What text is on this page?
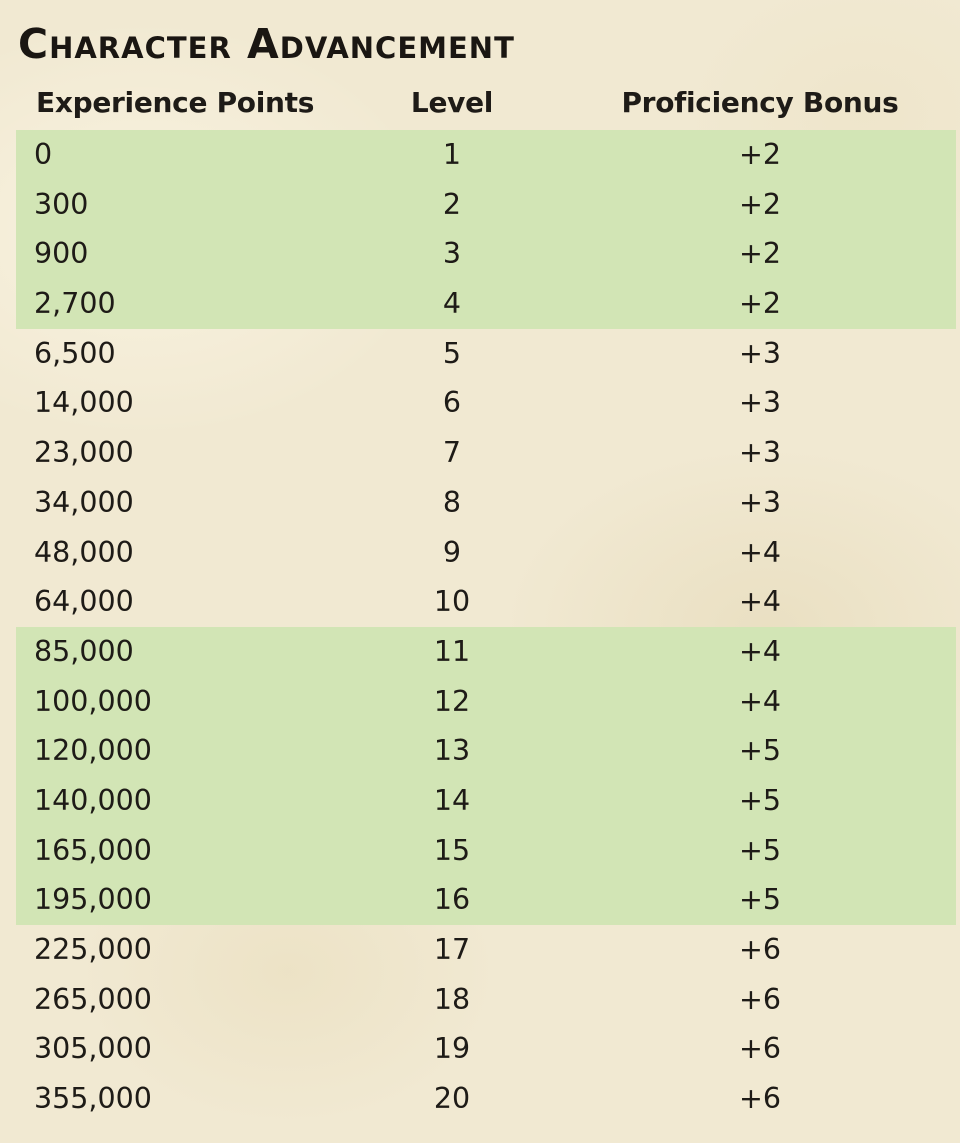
Character Advancement
Experience Points	Level	Proficiency Bonus
0	1	+2
300	2	+2
900	3	+2
2,700	4	+2
6,500	5	+3
14,000	6	+3
23,000	7	+3
34,000	8	+3
48,000	9	+4
64,000	10	+4
85,000	11	+4
100,000	12	+4
120,000	13	+5
140,000	14	+5
165,000	15	+5
195,000	16	+5
225,000	17	+6
265,000	18	+6
305,000	19	+6
355,000	20	+6
